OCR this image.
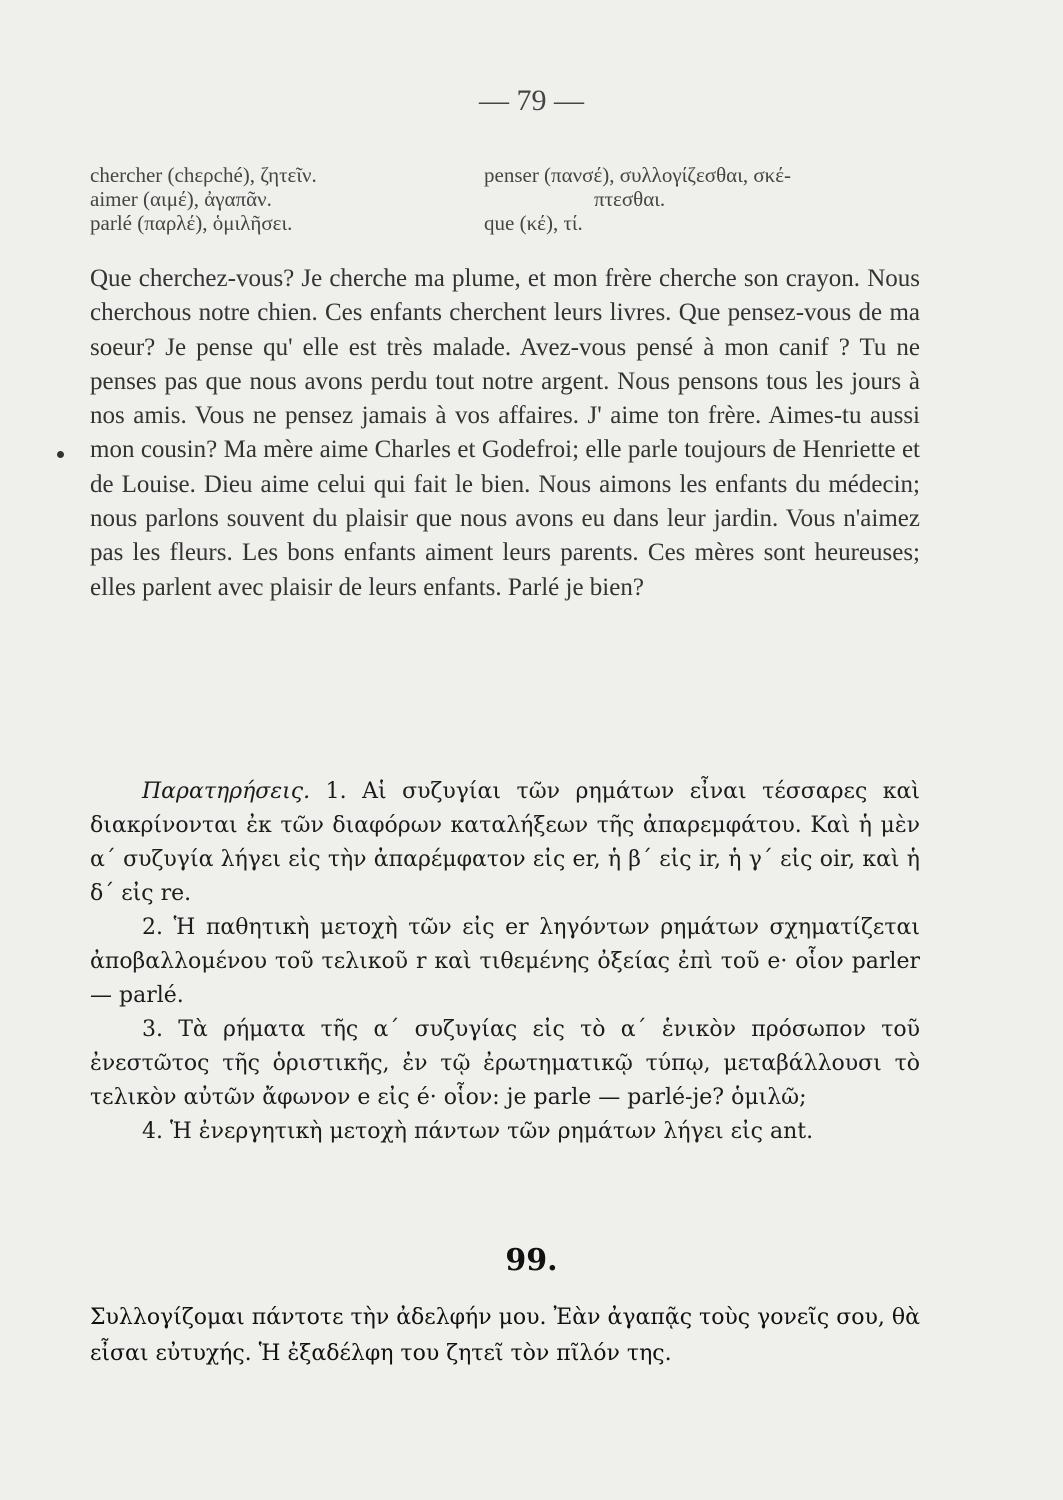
— 79 —
chercher (chερché), ζητεῖν.
aimer (αιμέ), ἀγαπᾶν.
parlé (παρλέ), ὁμιλῆσει.
penser (πανσέ), συλλογίζεσθαι, σκέ-
πτεσθαι.
que (κέ), τί.
Que cherchez-vous? Je cherche ma plume, et mon frère cherche son crayon. Nous cherchous notre chien. Ces enfants cherchent leurs livres. Que pensez-vous de ma soeur? Je pense qu' elle est très malade. Avez-vous pensé à mon canif ? Tu ne penses pas que nous avons perdu tout notre argent. Nous pensons tous les jours à nos amis. Vous ne pensez jamais à vos affaires. J' aime ton frère. Aimes-tu aussi mon cousin? Ma mère aime Charles et Godefroi; elle parle toujours de Henriette et de Louise. Dieu aime celui qui fait le bien. Nous aimons les enfants du médecin; nous parlons souvent du plaisir que nous avons eu dans leur jardin. Vous n'aimez pas les fleurs. Les bons enfants aiment leurs parents. Ces mères sont heureuses; elles parlent avec plaisir de leurs enfants. Parlé je bien?

Παρατηρήσεις. 1. Αἱ συζυγίαι τῶν ρημάτων εἶναι τέσσαρες καὶ διακρίνονται ἐκ τῶν διαφόρων καταλήξεων τῆς ἀπαρεμφάτου. Καὶ ἡ μὲν α΄ συζυγία λήγει εἰς τὴν ἀπαρέμφατον εἰς er, ἡ β΄ εἰς ir, ἡ γ΄ εἰς oir, καὶ ἡ δ΄ εἰς re.

2. Ἡ παθητικὴ μετοχὴ τῶν εἰς er ληγόντων ρημάτων σχηματίζεται ἀποβαλλομένου τοῦ τελικοῦ r καὶ τιθεμένης ὀξείας ἐπὶ τοῦ e· οἷον parler — parlé.

3. Τὰ ρήματα τῆς α΄ συζυγίας εἰς τὸ α΄ ἑνικὸν πρόσωπον τοῦ ἐνεστῶτος τῆς ὁριστικῆς, ἐν τῷ ἐρωτηματικῷ τύπῳ, μεταβάλλουσι τὸ τελικὸν αὐτῶν ἄφωνον e εἰς é· οἷον: je parle — parlé-je? ὁμιλῶ;

4. Ἡ ἐνεργητικὴ μετοχὴ πάντων τῶν ρημάτων λήγει εἰς ant.

99.
Συλλογίζομαι πάντοτε τὴν ἀδελφήν μου. Ἐὰν ἀγαπᾷς τοὺς γονεῖς σου, θὰ εἶσαι εὐτυχής. Ἡ ἐξαδέλφη του ζητεῖ τὸν πῖλόν της.
